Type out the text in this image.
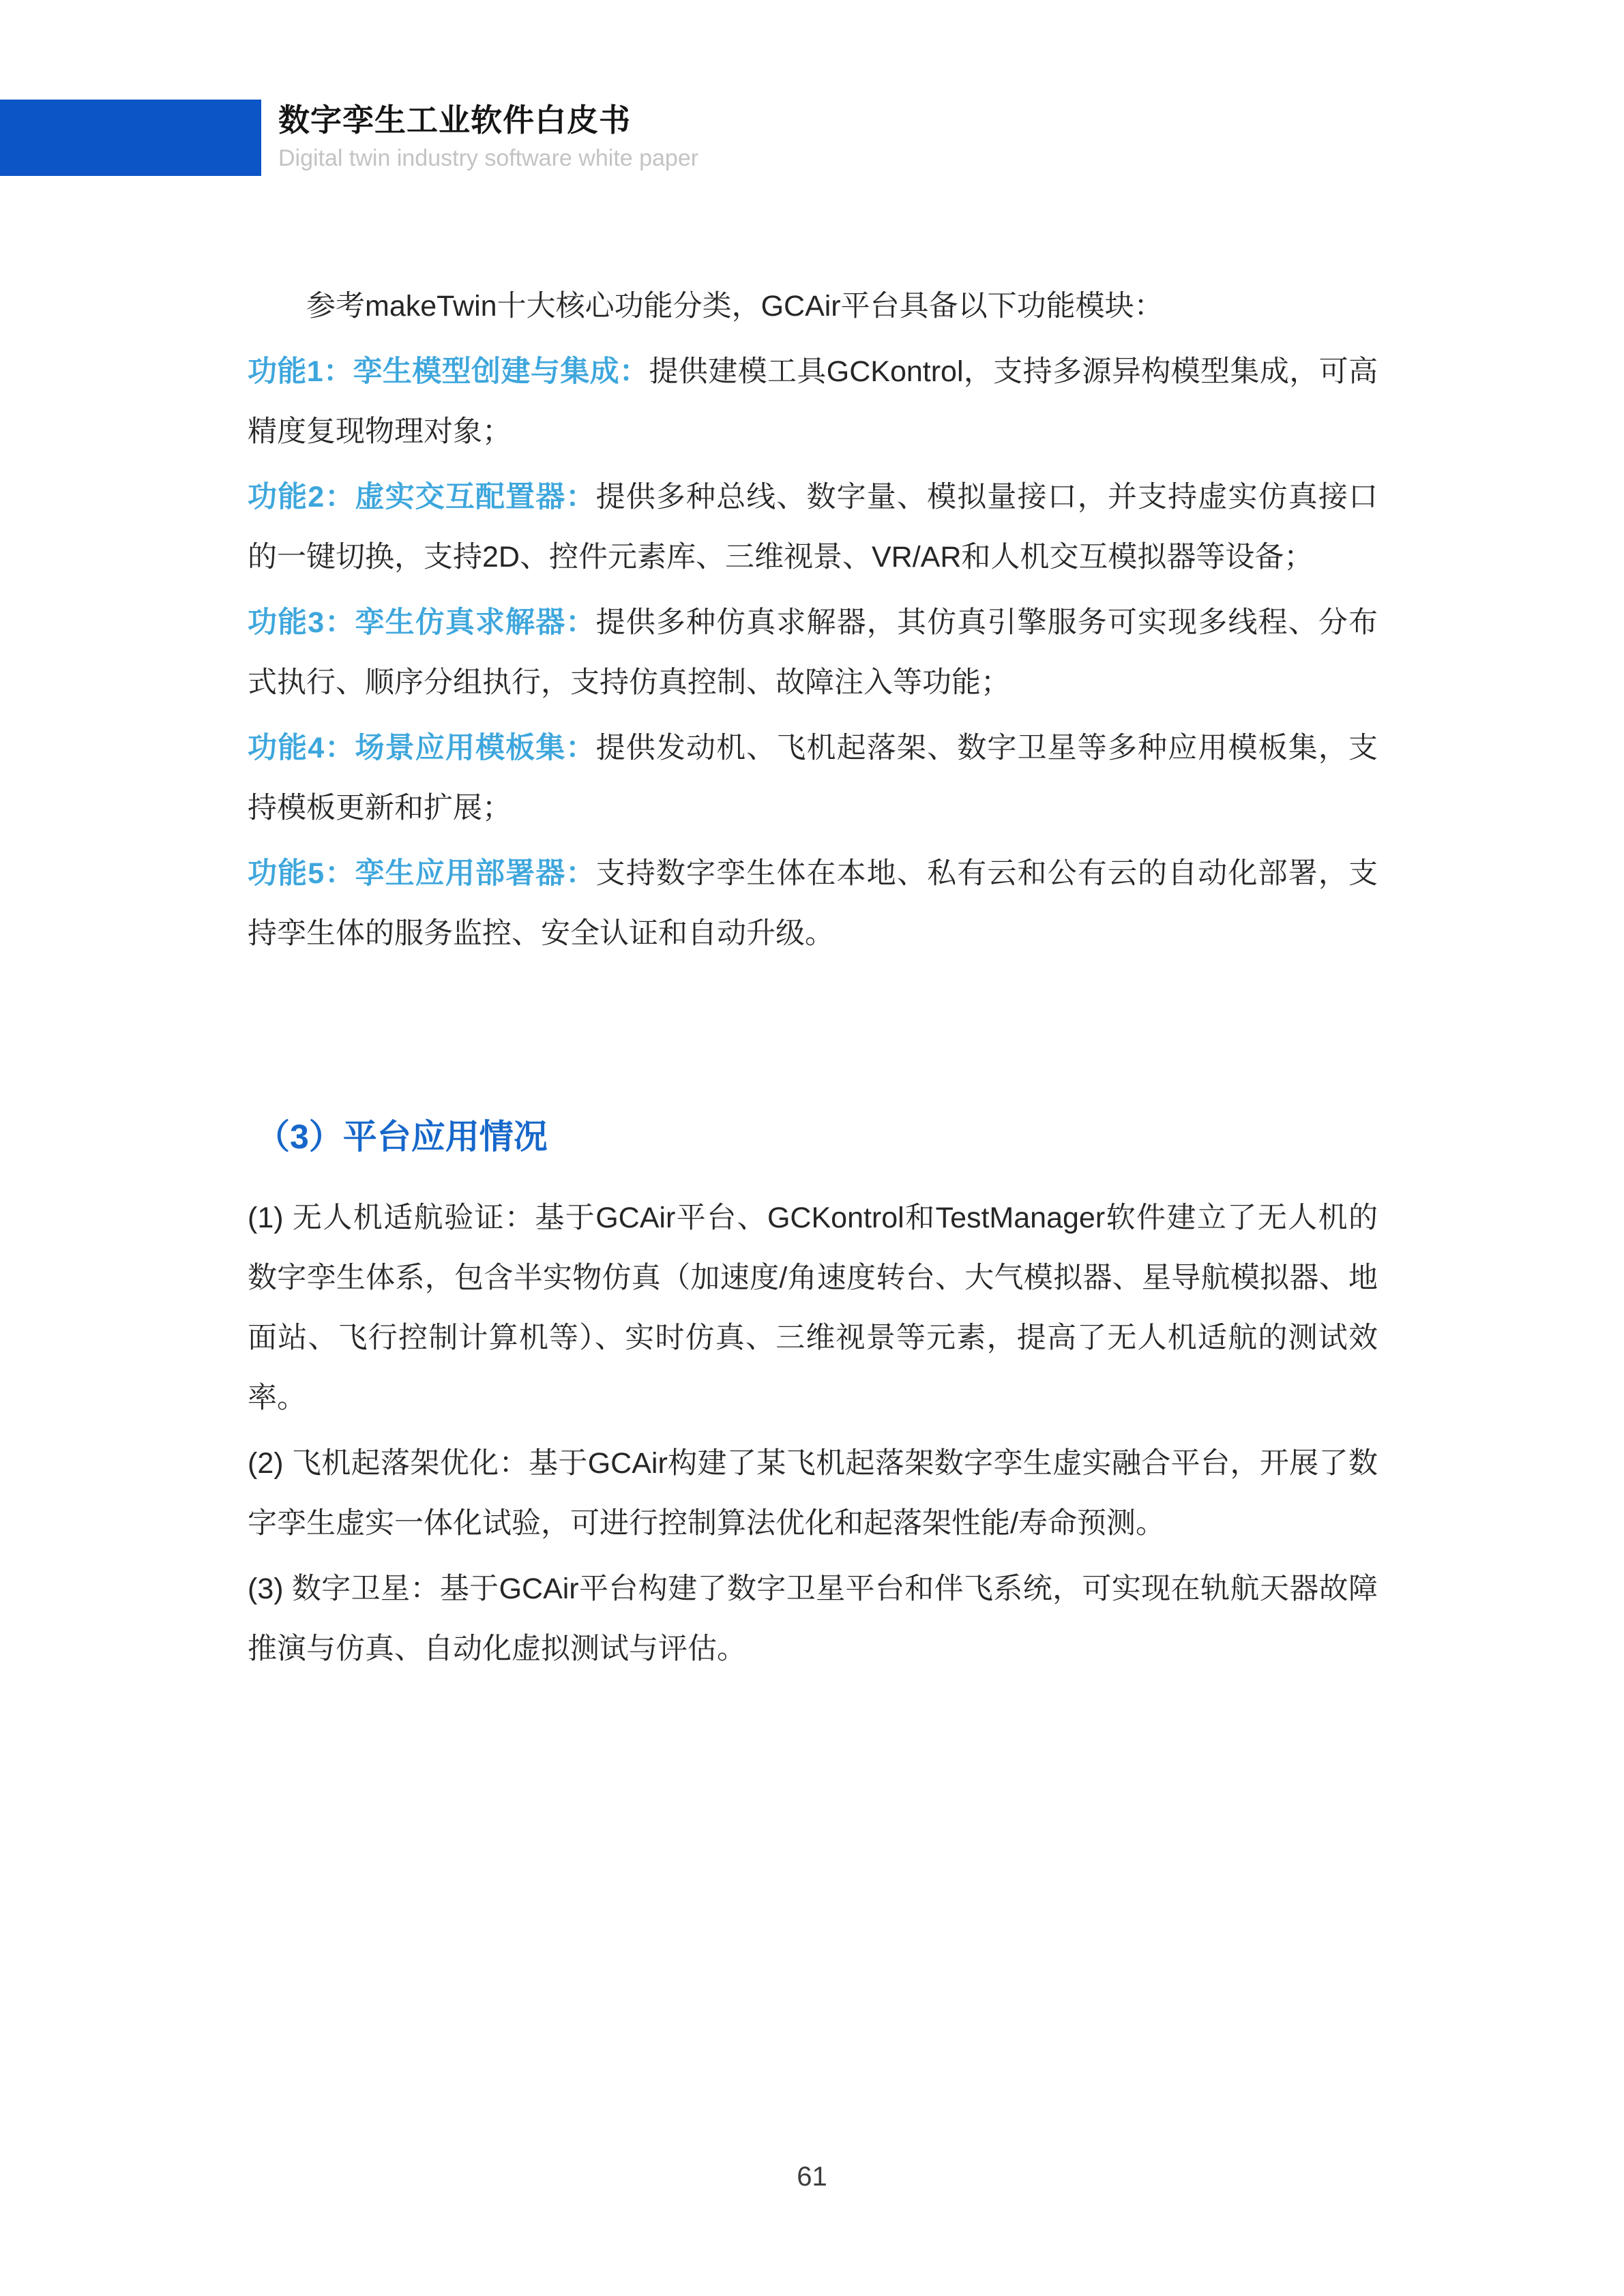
数字孪生工业软件白皮书
Digital twin industry software white paper

参考makeTwin十大核心功能分类，GCAir平台具备以下功能模块：

功能1：孪生模型创建与集成：提供建模工具GCKontrol，支持多源异构模型集成，可高精度复现物理对象；

功能2：虚实交互配置器：提供多种总线、数字量、模拟量接口，并支持虚实仿真接口的一键切换，支持2D、控件元素库、三维视景、VR/AR和人机交互模拟器等设备；

功能3：孪生仿真求解器：提供多种仿真求解器，其仿真引擎服务可实现多线程、分布式执行、顺序分组执行，支持仿真控制、故障注入等功能；

功能4：场景应用模板集：提供发动机、飞机起落架、数字卫星等多种应用模板集，支持模板更新和扩展；

功能5：孪生应用部署器：支持数字孪生体在本地、私有云和公有云的自动化部署，支持孪生体的服务监控、安全认证和自动升级。

（3）平台应用情况

(1) 无人机适航验证：基于GCAir平台、GCKontrol和TestManager软件建立了无人机的数字孪生体系，包含半实物仿真（加速度/角速度转台、大气模拟器、星导航模拟器、地面站、飞行控制计算机等）、实时仿真、三维视景等元素，提高了无人机适航的测试效率。

(2) 飞机起落架优化：基于GCAir构建了某飞机起落架数字孪生虚实融合平台，开展了数字孪生虚实一体化试验，可进行控制算法优化和起落架性能/寿命预测。

(3) 数字卫星：基于GCAir平台构建了数字卫星平台和伴飞系统，可实现在轨航天器故障推演与仿真、自动化虚拟测试与评估。

61
